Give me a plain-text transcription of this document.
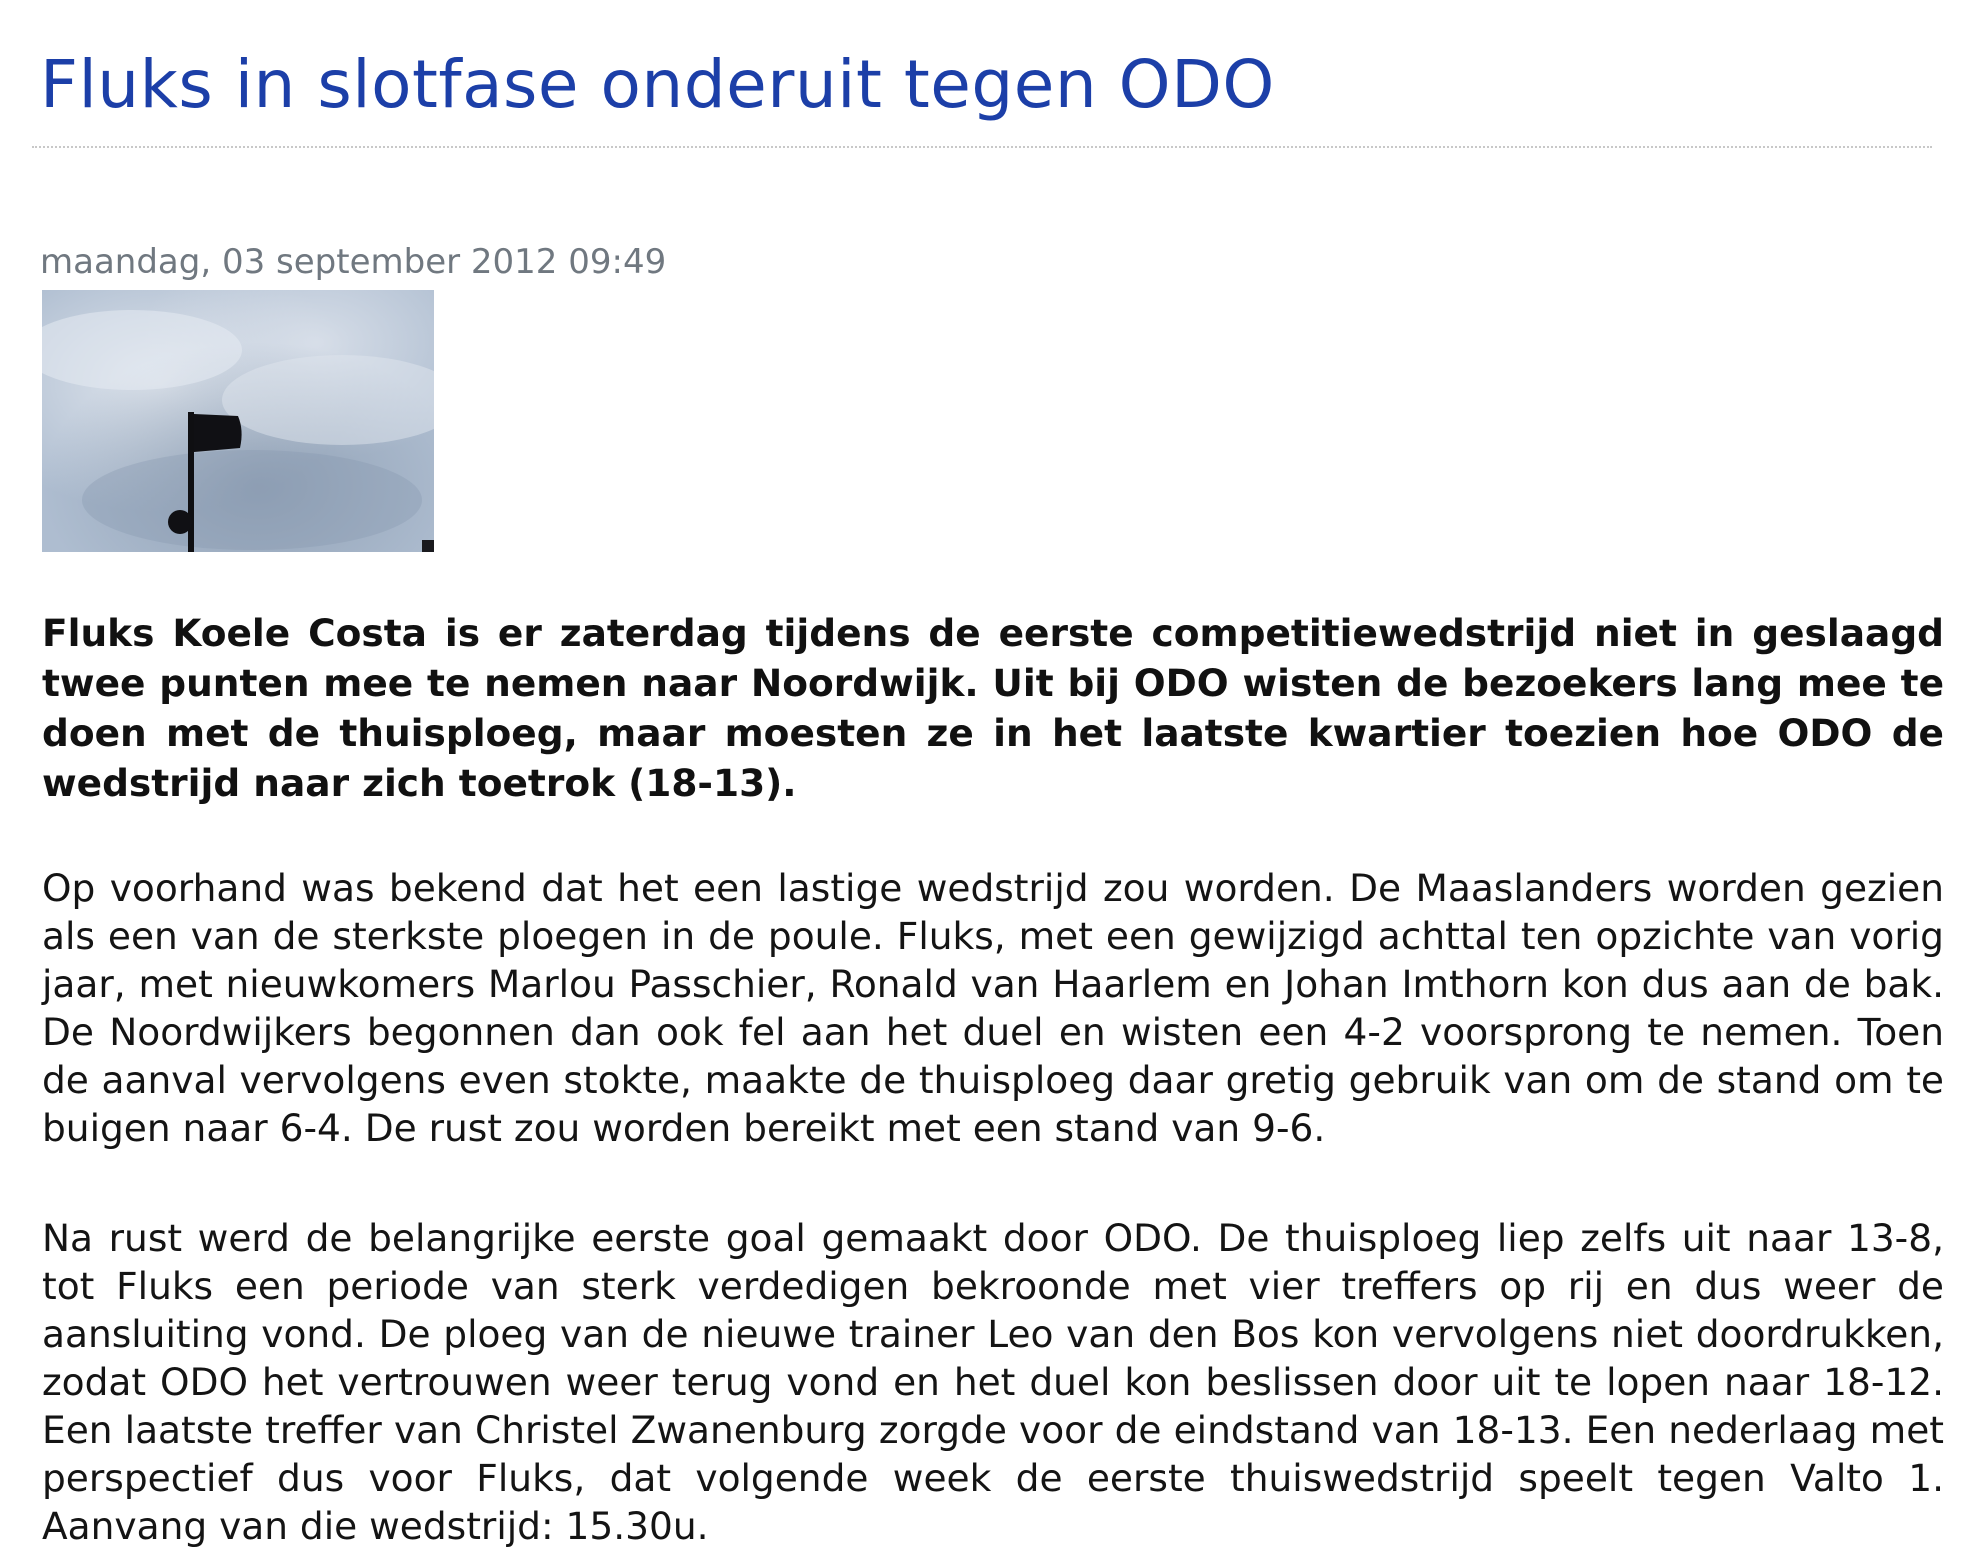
Fluks in slotfase onderuit tegen ODO
maandag, 03 september 2012 09:49

Fluks Koele Costa is er zaterdag tijdens de eerste competitiewedstrijd niet in geslaagd twee punten mee te nemen naar Noordwijk. Uit bij ODO wisten de bezoekers lang mee te doen met de thuisploeg, maar moesten ze in het laatste kwartier toezien hoe ODO de wedstrijd naar zich toetrok (18-13).

Op voorhand was bekend dat het een lastige wedstrijd zou worden. De Maaslanders worden gezien als een van de sterkste ploegen in de poule. Fluks, met een gewijzigd achttal ten opzichte van vorig jaar, met nieuwkomers Marlou Passchier, Ronald van Haarlem en Johan Imthorn kon dus aan de bak. De Noordwijkers begonnen dan ook fel aan het duel en wisten een 4-2 voorsprong te nemen. Toen de aanval vervolgens even stokte, maakte de thuisploeg daar gretig gebruik van om de stand om te buigen naar 6-4. De rust zou worden bereikt met een stand van 9-6.

Na rust werd de belangrijke eerste goal gemaakt door ODO. De thuisploeg liep zelfs uit naar 13-8, tot Fluks een periode van sterk verdedigen bekroonde met vier treffers op rij en dus weer de aansluiting vond. De ploeg van de nieuwe trainer Leo van den Bos kon vervolgens niet doordrukken, zodat ODO het vertrouwen weer terug vond en het duel kon beslissen door uit te lopen naar 18-12. Een laatste treffer van Christel Zwanenburg zorgde voor de eindstand van 18-13. Een nederlaag met perspectief dus voor Fluks, dat volgende week de eerste thuiswedstrijd speelt tegen Valto 1. Aanvang van die wedstrijd: 15.30u.
